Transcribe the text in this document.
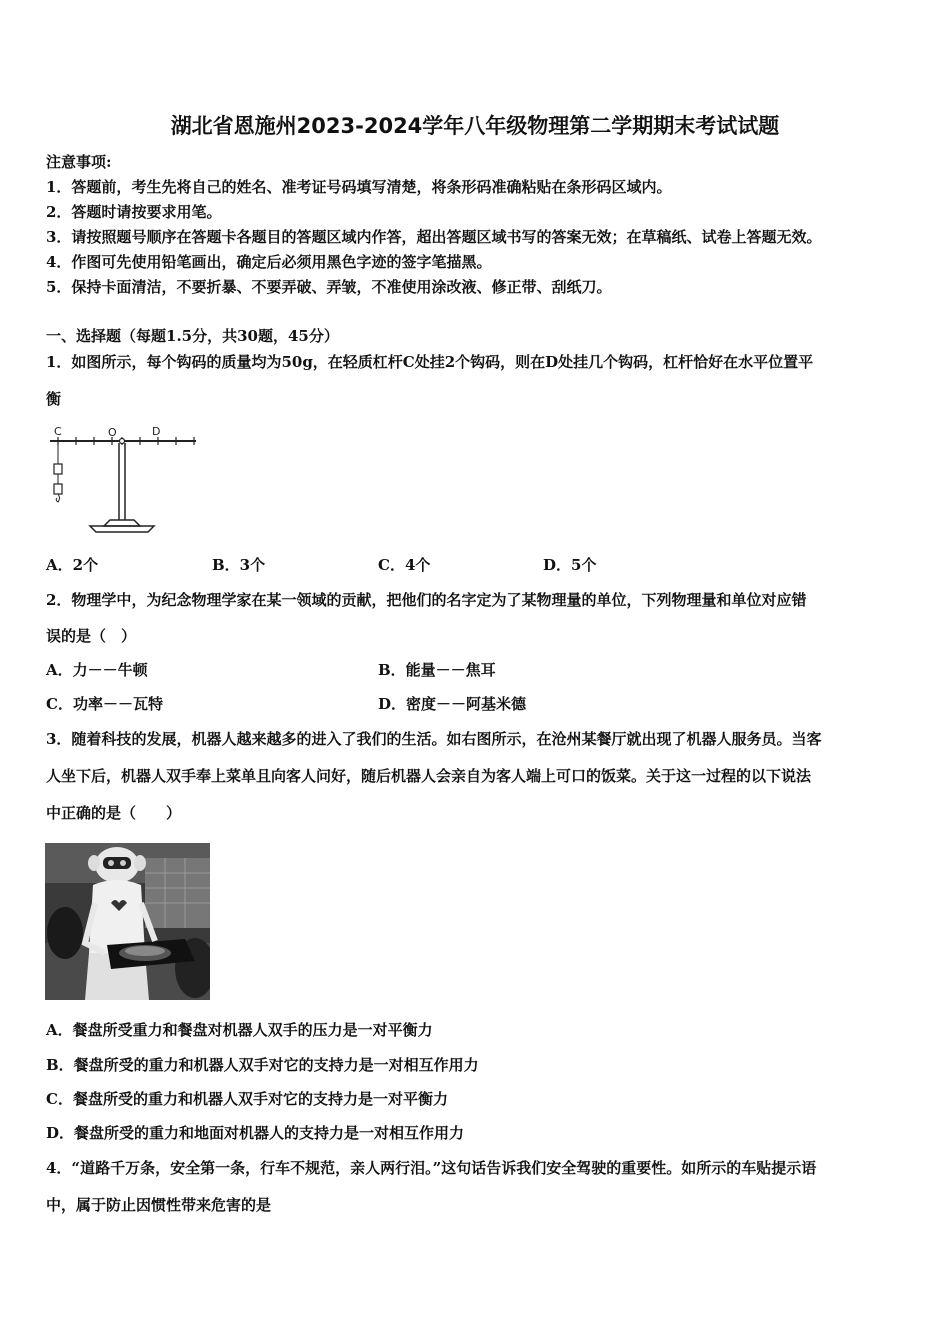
湖北省恩施州2023-2024学年八年级物理第二学期期末考试试题
注意事项:
1．答题前，考生先将自己的姓名、准考证号码填写清楚，将条形码准确粘贴在条形码区域内。
2．答题时请按要求用笔。
3．请按照题号顺序在答题卡各题目的答题区域内作答，超出答题区域书写的答案无效；在草稿纸、试卷上答题无效。
4．作图可先使用铅笔画出，确定后必须用黑色字迹的签字笔描黑。
5．保持卡面清洁，不要折暴、不要弄破、弄皱，不准使用涂改液、修正带、刮纸刀。
一、选择题（每题1.5分，共30题，45分）
1．如图所示，每个钩码的质量均为50g，在轻质杠杆C处挂2个钩码，则在D处挂几个钩码，杠杆恰好在水平位置平
衡
C	O	D
A．2个	B．3个	C．4个	D．5个
2．物理学中，为纪念物理学家在某一领域的贡献，把他们的名字定为了某物理量的单位，下列物理量和单位对应错
误的是（　）
A．力－－牛顿	B．能量－－焦耳
C．功率－－瓦特	D．密度－－阿基米德
3．随着科技的发展，机器人越来越多的进入了我们的生活。如右图所示，在沧州某餐厅就出现了机器人服务员。当客
人坐下后，机器人双手奉上菜单且向客人问好，随后机器人会亲自为客人端上可口的饭菜。关于这一过程的以下说法
中正确的是（　　）
A．餐盘所受重力和餐盘对机器人双手的压力是一对平衡力
B．餐盘所受的重力和机器人双手对它的支持力是一对相互作用力
C．餐盘所受的重力和机器人双手对它的支持力是一对平衡力
D．餐盘所受的重力和地面对机器人的支持力是一对相互作用力
4．“道路千万条，安全第一条，行车不规范，亲人两行泪。”这句话告诉我们安全驾驶的重要性。如所示的车贴提示语
中，属于防止因惯性带来危害的是
